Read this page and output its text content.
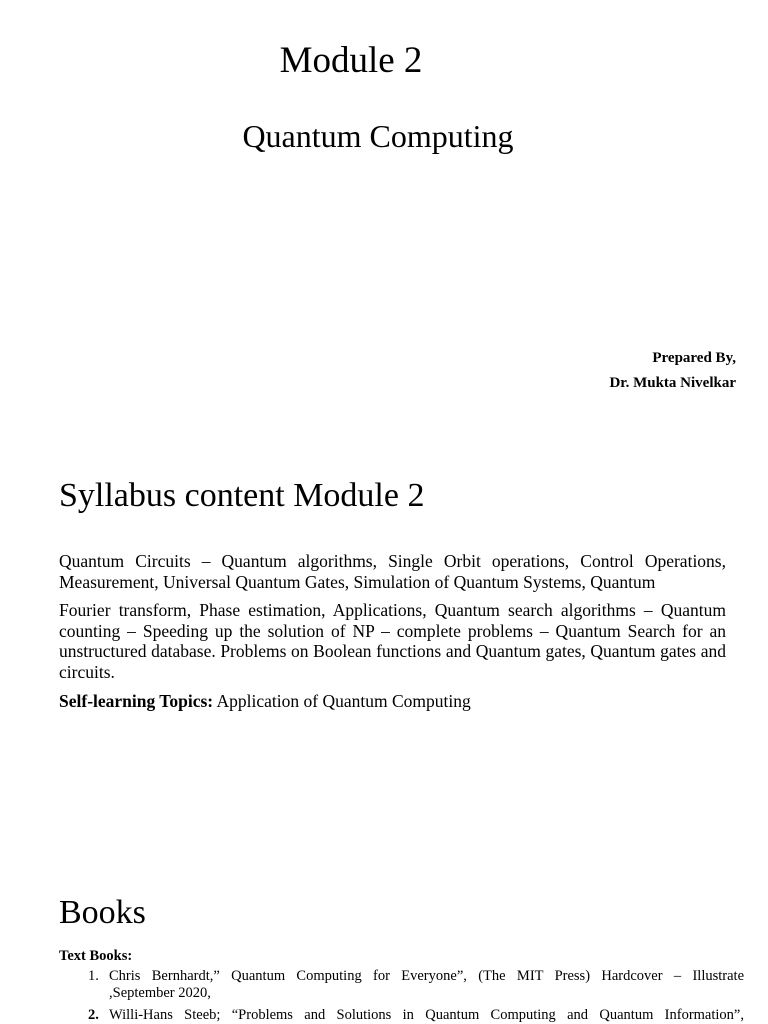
Module 2
Quantum Computing
Prepared By,
Dr. Mukta Nivelkar
Syllabus content Module 2
Quantum Circuits – Quantum algorithms, Single Orbit operations, Control Operations, Measurement, Universal Quantum Gates, Simulation of Quantum Systems, Quantum
Fourier transform, Phase estimation, Applications, Quantum search algorithms – Quantum counting – Speeding up the solution of NP – complete problems – Quantum Search for an unstructured database. Problems on Boolean functions and Quantum gates, Quantum gates and circuits.
Self-learning Topics: Application of Quantum Computing
Books
Text Books:
1. Chris Bernhardt,” Quantum Computing for Everyone”, (The MIT Press) Hardcover – Illustrate
,September 2020,
2. Willi-Hans Steeb; “Problems and Solutions in Quantum Computing and Quantum Information”,
